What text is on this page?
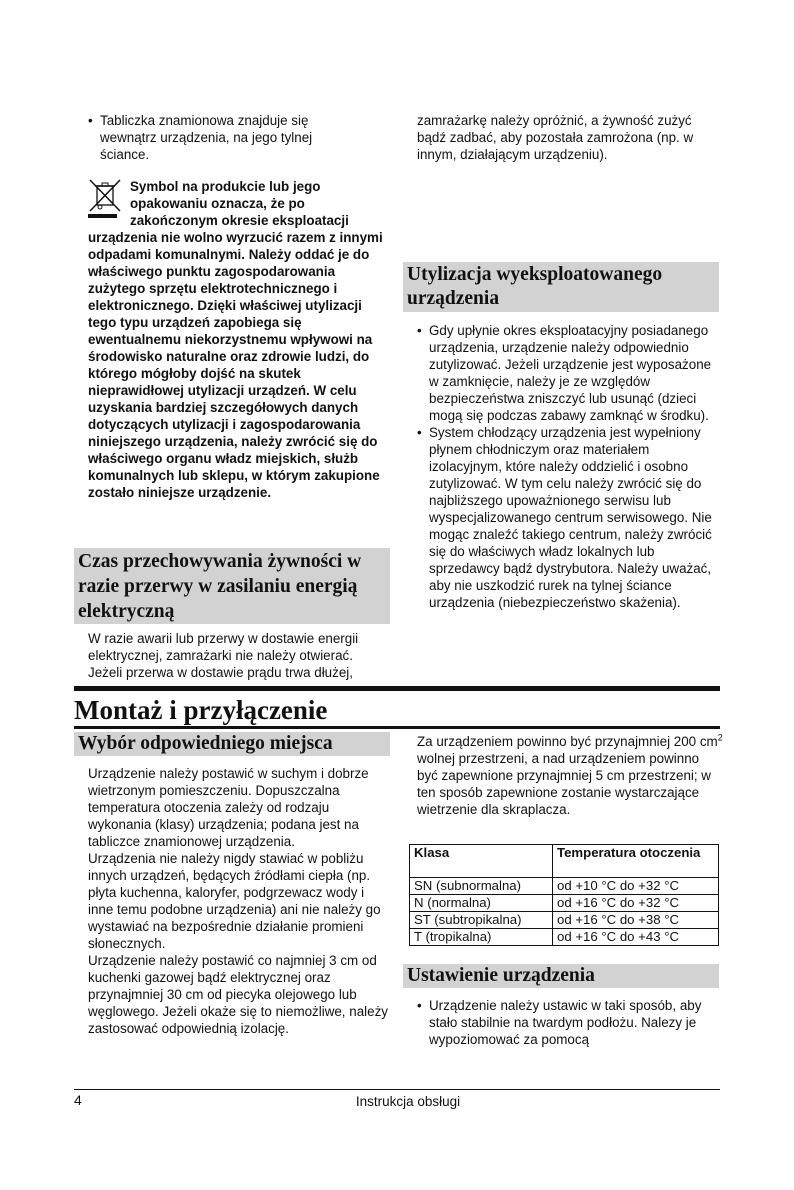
• Tabliczka znamionowa znajduje się wewnątrz urządzenia, na jego tylnej ściance.
Symbol na produkcie lub jego opakowaniu oznacza, że po zakończonym okresie eksploatacji urządzenia nie wolno wyrzucić razem z innymi odpadami komunalnymi. Należy oddać je do właściwego punktu zagospodarowania zużytego sprzętu elektrotechnicznego i elektronicznego. Dzięki właściwej utylizacji tego typu urządzeń zapobiega się ewentualnemu niekorzystnemu wpływowi na środowisko naturalne oraz zdrowie ludzi, do którego mógłoby dojść na skutek nieprawidłowej utylizacji urządzeń. W celu uzyskania bardziej szczegółowych danych dotyczących utylizacji i zagospodarowania niniejszego urządzenia, należy zwrócić się do właściwego organu władz miejskich, służb komunalnych lub sklepu, w którym zakupione zostało niniejsze urządzenie.
Czas przechowywania żywności w razie przerwy w zasilaniu energią elektryczną
W razie awarii lub przerwy w dostawie energii elektrycznej, zamrażarki nie należy otwierać. Jeżeli przerwa w dostawie prądu trwa dłużej,
zamrażarkę należy opróżnić, a żywność zużyć bądź zadbać, aby pozostała zamrożona (np. w innym, działającym urządzeniu).
Utylizacja wyeksploatowanego urządzenia
• Gdy upłynie okres eksploatacyjny posiadanego urządzenia, urządzenie należy odpowiednio zutylizować. Jeżeli urządzenie jest wyposażone w zamknięcie, należy je ze względów bezpieczeństwa zniszczyć lub usunąć (dzieci mogą się podczas zabawy zamknąć w środku).
• System chłodzący urządzenia jest wypełniony płynem chłodniczym oraz materiałem izolacyjnym, które należy oddzielić i osobno zutylizować. W tym celu należy zwrócić się do najbliższego upoważnionego serwisu lub wyspecjalizowanego centrum serwisowego. Nie mogąc znaleźć takiego centrum, należy zwrócić się do właściwych władz lokalnych lub sprzedawcy bądź dystrybutora. Należy uważać, aby nie uszkodzić rurek na tylnej ściance urządzenia (niebezpieczeństwo skażenia).
Montaż i przyłączenie
Wybór odpowiedniego miejsca
Urządzenie należy postawić w suchym i dobrze wietrzonym pomieszczeniu. Dopuszczalna temperatura otoczenia zależy od rodzaju wykonania (klasy) urządzenia; podana jest na tabliczce znamionowej urządzenia.
Urządzenia nie należy nigdy stawiać w pobliżu innych urządzeń, będących źródłami ciepła (np. płyta kuchenna, kaloryfer, podgrzewacz wody i inne temu podobne urządzenia) ani nie należy go wystawiać na bezpośrednie działanie promieni słonecznych.
Urządzenie należy postawić co najmniej 3 cm od kuchenki gazowej bądź elektrycznej oraz przynajmniej 30 cm od piecyka olejowego lub węglowego. Jeżeli okaże się to niemożliwe, należy zastosować odpowiednią izolację.
Za urządzeniem powinno być przynajmniej 200 $cm^2$ wolnej przestrzeni, a nad urządzeniem powinno być zapewnione przynajmniej 5 cm przestrzeni; w ten sposób zapewnione zostanie wystarczające wietrzenie dla skraplacza.
Klasa	Temperatura otoczenia
SN (subnormalna)	od +10 °C do +32 °C
N (normalna)	od +16 °C do +32 °C
ST (subtropikalna)	od +16 °C do +38 °C
T (tropikalna)	od +16 °C do +43 °C
Ustawienie urządzenia
• Urządzenie należy ustawic w taki sposób, aby stało stabilnie na twardym podłożu. Nalezy je wypoziomować za pomocą
4	Instrukcja obsługi
